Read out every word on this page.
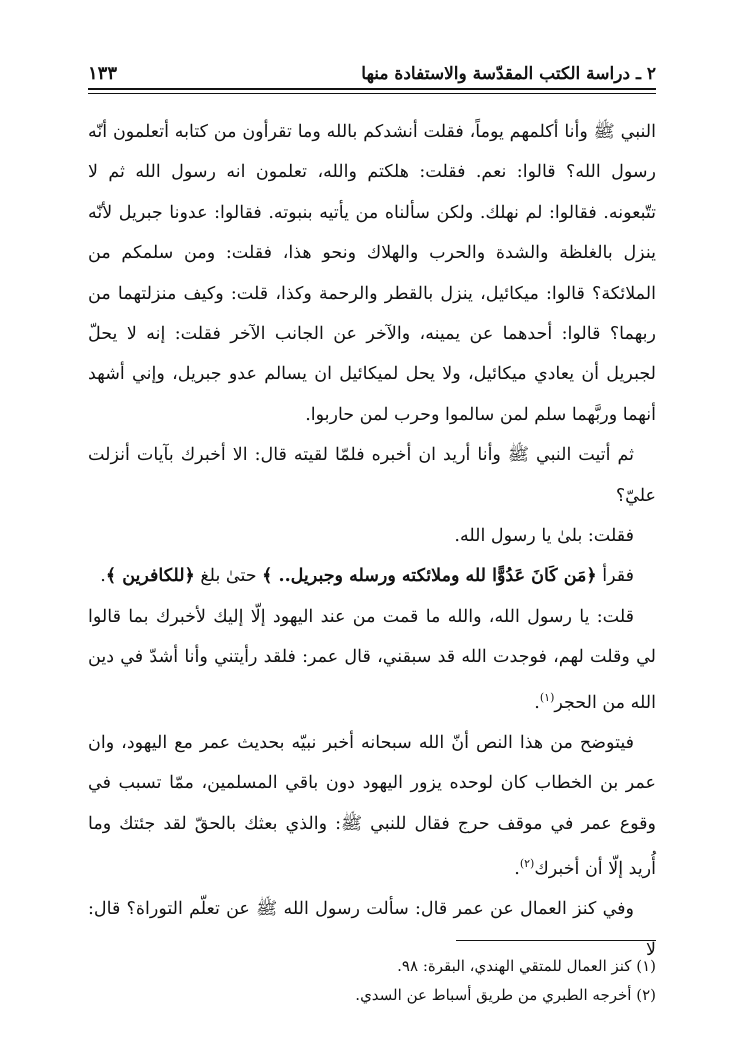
٢ ـ دراسة الكتب المقدّسة والاستفادة منها
١٣٣

النبي ﷺ وأنا أكلمهم يوماً، فقلت أنشدكم بالله وما تقرأون من كتابه أتعلمون أنّه رسول الله؟ قالوا: نعم. فقلت: هلكتم والله، تعلمون انه رسول الله ثم لا تتّبعونه. فقالوا: لم نهلك. ولكن سألناه من يأتيه بنبوته. فقالوا: عدونا جبريل لأنّه ينزل بالغلظة والشدة والحرب والهلاك ونحو هذا، فقلت: ومن سلمكم من الملائكة؟ قالوا: ميكائيل، ينزل بالقطر والرحمة وكذا، قلت: وكيف منزلتهما من ربهما؟ قالوا: أحدهما عن يمينه، والآخر عن الجانب الآخر فقلت: إنه لا يحلّ لجبريل أن يعادي ميكائيل، ولا يحل لميكائيل ان يسالم عدو جبريل، وإني أشهد أنهما وربَّهما سلم لمن سالموا وحرب لمن حاربوا.

ثم أتيت النبي ﷺ وأنا أريد ان أخبره فلمّا لقيته قال: الا أخبرك بآيات أنزلت عليّ؟

فقلت: بلىٰ يا رسول الله.

فقرأ ﴿مَن كَانَ عَدُوًّا لله وملائكته ورسله وجبريل.. ﴾ حتىٰ بلغ ﴿للكافرين ﴾.

قلت: يا رسول الله، والله ما قمت من عند اليهود إلّا إليك لأخبرك بما قالوا لي وقلت لهم، فوجدت الله قد سبقني، قال عمر: فلقد رأيتني وأنا أشدّ في دين الله من الحجر$^{(١)}$.

فيتوضح من هذا النص أنّ الله سبحانه أخبر نبيّه بحديث عمر مع اليهود، وان عمر بن الخطاب كان لوحده يزور اليهود دون باقي المسلمين، ممّا تسبب في وقوع عمر في موقف حرج فقال للنبي ﷺ: والذي بعثك بالحقّ لقد جئتك وما أُريد إلّا أن أخبرك$^{(٢)}$.

وفي كنز العمال عن عمر قال: سألت رسول الله ﷺ عن تعلّم التوراة؟ قال: لا

(١) كنز العمال للمتقي الهندي، البقرة: ٩٨.

(٢) أخرجه الطبري من طريق أسباط عن السدي.
